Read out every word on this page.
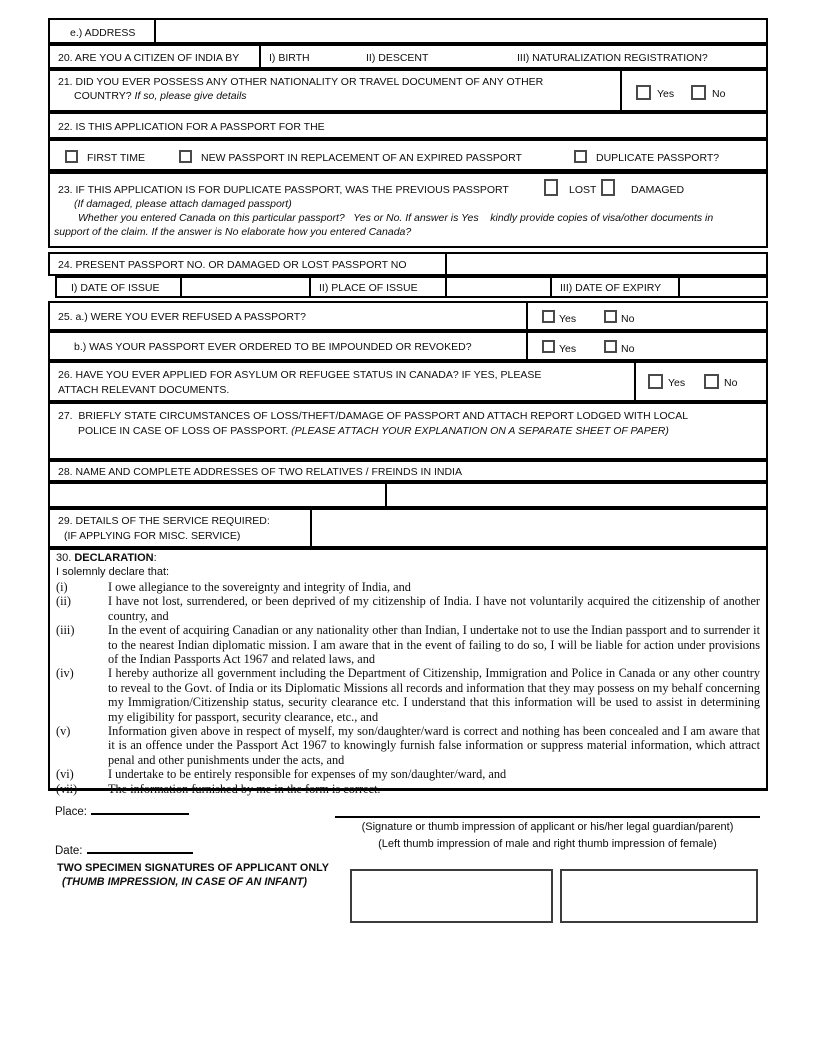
e.) ADDRESS
20. ARE YOU A CITIZEN OF INDIA BY	I) BIRTH	II) DESCENT	III) NATURALIZATION REGISTRATION?
21. DID YOU EVER POSSESS ANY OTHER NATIONALITY OR TRAVEL DOCUMENT OF ANY OTHER
COUNTRY? If so, please give details	Yes	No
22. IS THIS APPLICATION FOR A PASSPORT FOR THE
FIRST TIME	NEW PASSPORT IN REPLACEMENT OF AN EXPIRED PASSPORT	DUPLICATE PASSPORT?
23. IF THIS APPLICATION IS FOR DUPLICATE PASSPORT, WAS THE PREVIOUS PASSPORT	LOST	DAMAGED
(If damaged, please attach damaged passport)
Whether you entered Canada on this particular passport?   Yes or No. If answer is Yes    kindly provide copies of visa/other documents in
support of the claim. If the answer is No elaborate how you entered Canada?
24. PRESENT PASSPORT NO. OR DAMAGED OR LOST PASSPORT NO
I) DATE OF ISSUE	II) PLACE OF ISSUE	III) DATE OF EXPIRY
25. a.) WERE YOU EVER REFUSED A PASSPORT?	Yes	No
b.) WAS YOUR PASSPORT EVER ORDERED TO BE IMPOUNDED OR REVOKED?	Yes	No
26. HAVE YOU EVER APPLIED FOR ASYLUM OR REFUGEE STATUS IN CANADA? IF YES, PLEASE
ATTACH RELEVANT DOCUMENTS.
Yes	No
27.  BRIEFLY STATE CIRCUMSTANCES OF LOSS/THEFT/DAMAGE OF PASSPORT AND ATTACH REPORT LODGED WITH LOCAL
POLICE IN CASE OF LOSS OF PASSPORT. (PLEASE ATTACH YOUR EXPLANATION ON A SEPARATE SHEET OF PAPER)
28. NAME AND COMPLETE ADDRESSES OF TWO RELATIVES / FREINDS IN INDIA
29. DETAILS OF THE SERVICE REQUIRED:
(IF APPLYING FOR MISC. SERVICE)
30. DECLARATION:
I solemnly declare that:
(i)	I owe allegiance to the sovereignty and integrity of India, and
(ii)	I have not lost, surrendered, or been deprived of my citizenship of India. I have not voluntarily acquired the citizenship of another country, and
(iii)	In the event of acquiring Canadian or any nationality other than Indian, I undertake not to use the Indian passport and to surrender it to the nearest Indian diplomatic mission. I am aware that in the event of failing to do so, I will be liable for action under provisions of the Indian Passports Act 1967 and related laws, and
(iv)	I hereby authorize all government including the Department of Citizenship, Immigration and Police in Canada or any other country to reveal to the Govt. of India or its Diplomatic Missions all records and information that they may possess on my behalf concerning my Immigration/Citizenship status, security clearance etc. I understand that this information will be used to assist in determining my eligibility for passport, security clearance, etc., and
(v)	Information given above in respect of myself, my son/daughter/ward is correct and nothing has been concealed and I am aware that it is an offence under the Passport Act 1967 to knowingly furnish false information or suppress material information, which attract penal and other punishments under the acts, and
(vi)	I undertake to be entirely responsible for expenses of my son/daughter/ward, and
(vii)	The information furnished by me in the form is correct.
Place:
(Signature or thumb impression of applicant or his/her legal guardian/parent)
(Left thumb impression of male and right thumb impression of female)
Date:
TWO SPECIMEN SIGNATURES OF APPLICANT ONLY
(THUMB IMPRESSION, IN CASE OF AN INFANT)
